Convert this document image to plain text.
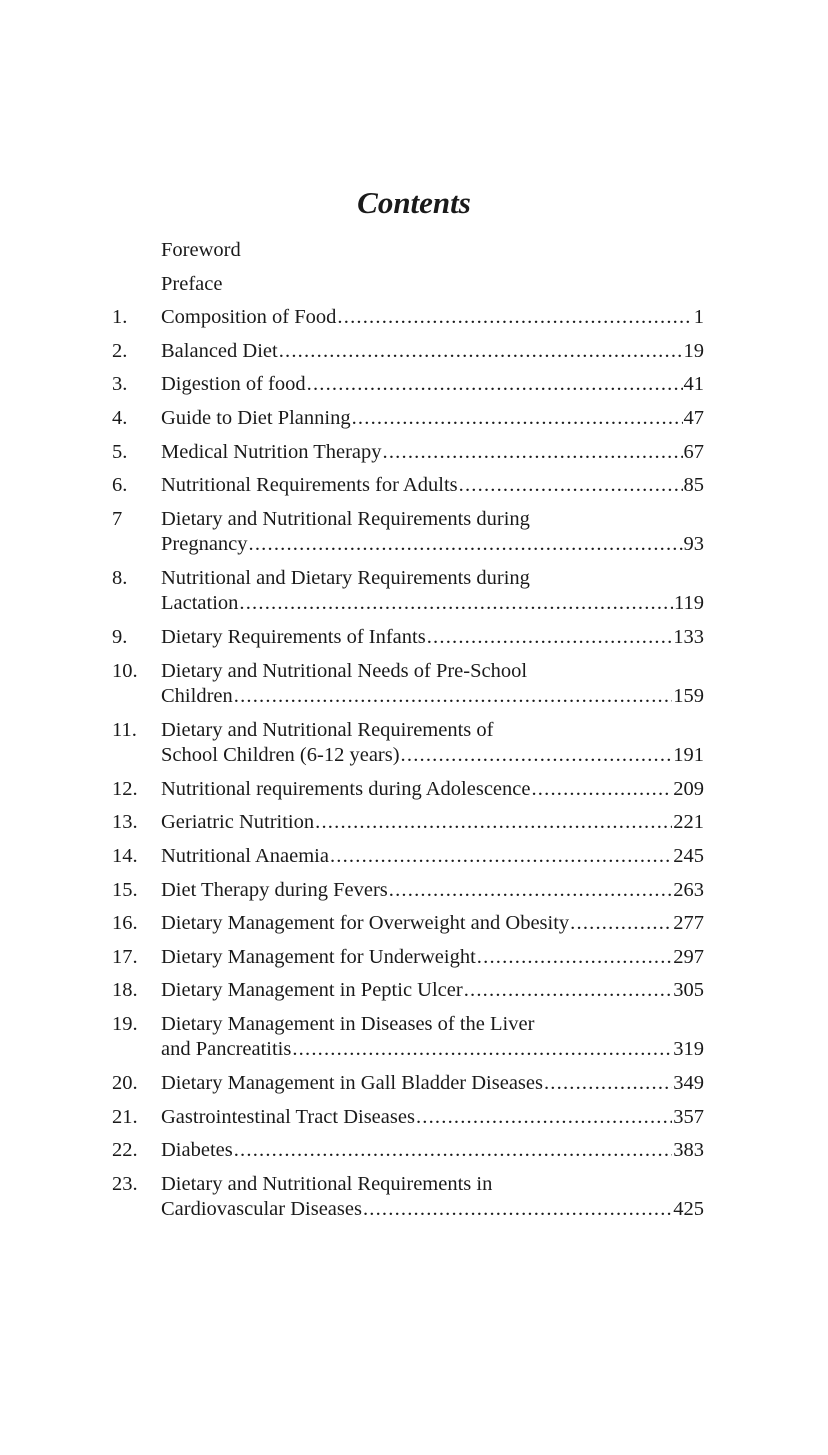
Contents
Foreword
Preface
1.	Composition of Food .....	1
2.	Balanced Diet .....	19
3.	Digestion of food .....	41
4.	Guide to Diet Planning .....	47
5.	Medical Nutrition Therapy .....	67
6.	Nutritional Requirements for Adults .....	85
7	Dietary and Nutritional Requirements during
Pregnancy .....	93
8.	Nutritional and Dietary Requirements during
Lactation .....	119
9.	Dietary Requirements of Infants .....	133
10.	Dietary and Nutritional Needs of Pre-School
Children .....	159
11.	Dietary and Nutritional Requirements of
School Children (6-12 years) .....	191
12.	Nutritional requirements during Adolescence .....	209
13.	Geriatric Nutrition .....	221
14.	Nutritional Anaemia .....	245
15.	Diet Therapy during Fevers .....	263
16.	Dietary Management for Overweight and Obesity .....	277
17.	Dietary Management for Underweight .....	297
18.	Dietary Management in Peptic Ulcer .....	305
19.	Dietary Management in Diseases of the Liver
and Pancreatitis .....	319
20.	Dietary Management in Gall Bladder Diseases .....	349
21.	Gastrointestinal Tract Diseases .....	357
22.	Diabetes .....	383
23.	Dietary and Nutritional Requirements in
Cardiovascular Diseases .....	425
